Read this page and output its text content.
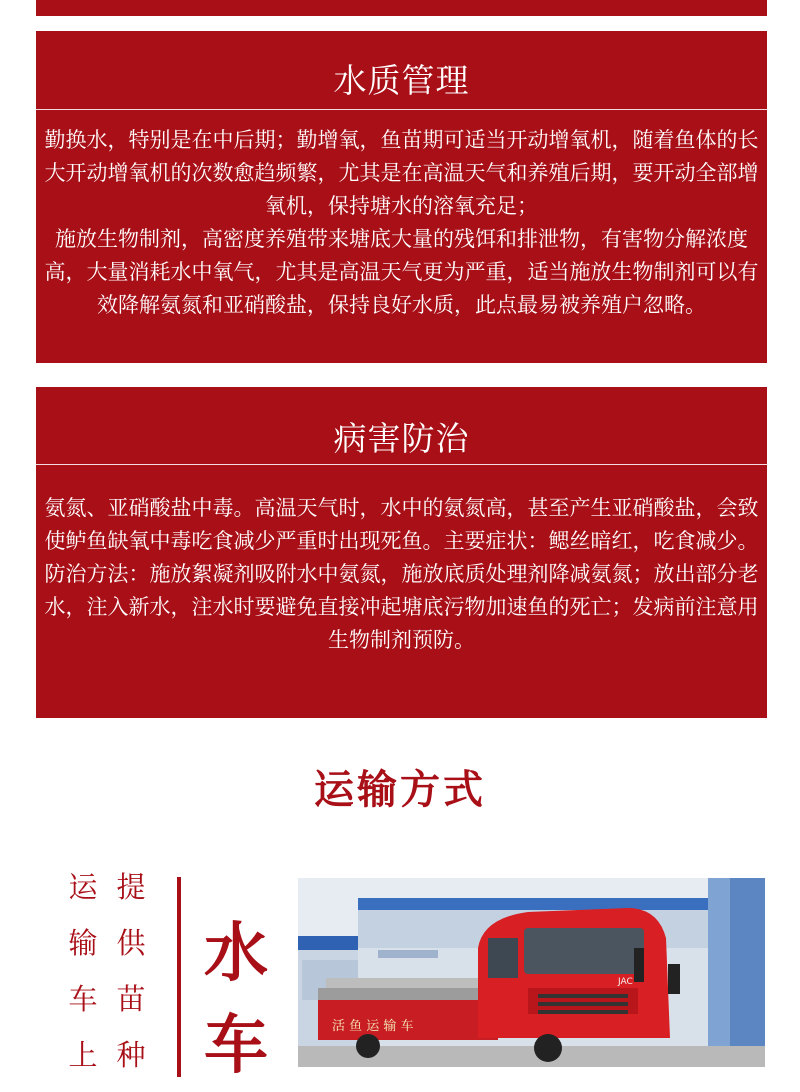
水质管理

勤换水，特别是在中后期；勤增氧，鱼苗期可适当开动增氧机，随着鱼体的长大开动增氧机的次数愈趋频繁，尤其是在高温天气和养殖后期，要开动全部增氧机，保持塘水的溶氧充足；

施放生物制剂，高密度养殖带来塘底大量的残饵和排泄物，有害物分解浓度高，大量消耗水中氧气，尤其是高温天气更为严重，适当施放生物制剂可以有效降解氨氮和亚硝酸盐，保持良好水质，此点最易被养殖户忽略。

病害防治

氨氮、亚硝酸盐中毒。高温天气时，水中的氨氮高，甚至产生亚硝酸盐，会致使鲈鱼缺氧中毒吃食减少严重时出现死鱼。主要症状：鳃丝暗红，吃食减少。防治方法：施放絮凝剂吸附水中氨氮，施放底质处理剂降减氨氮；放出部分老水，注入新水，注水时要避免直接冲起塘底污物加速鱼的死亡；发病前注意用生物制剂预防。

运输方式
运
输
车
上
提
供
苗
种
水
车	活 鱼 运 输 车
JAC
